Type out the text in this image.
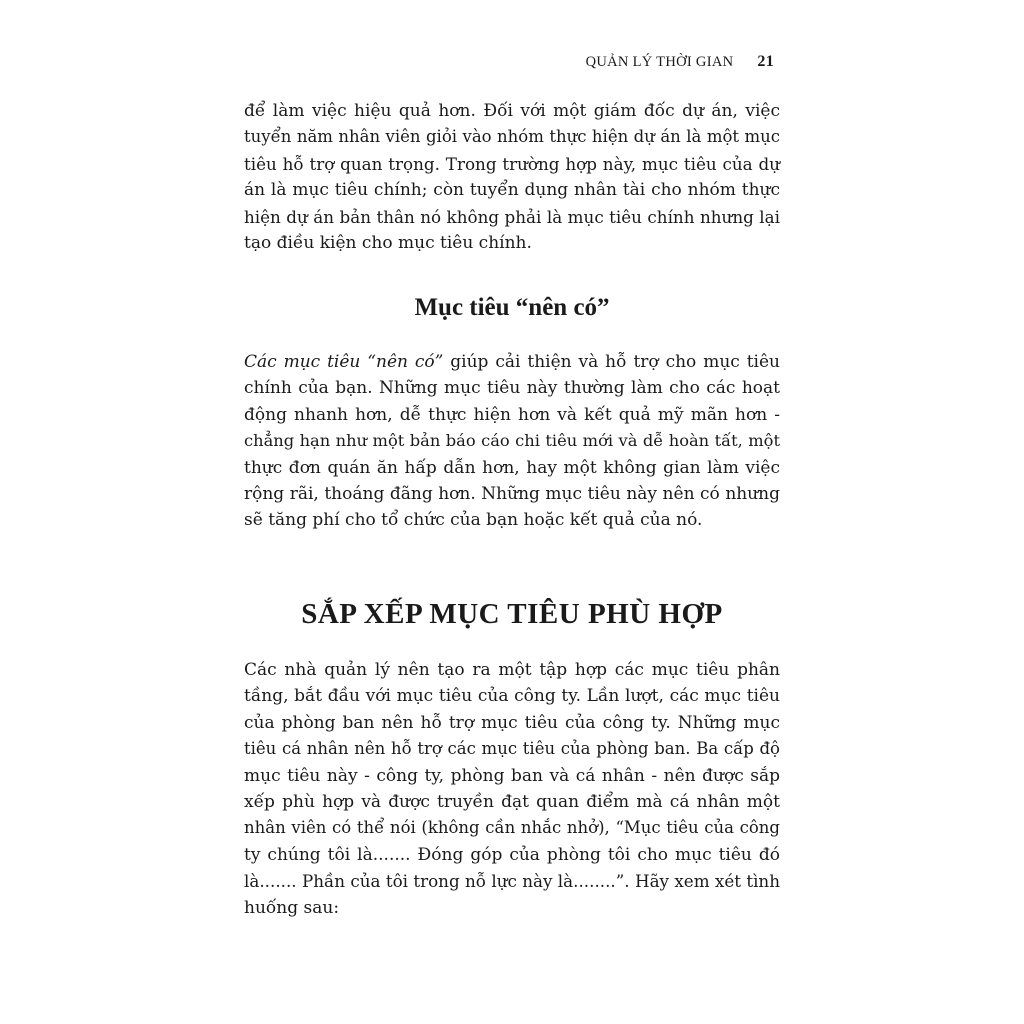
QUẢN LÝ THỜI GIAN 21
để làm việc hiệu quả hơn. Đối với một giám đốc dự án, việc
tuyển năm nhân viên giỏi vào nhóm thực hiện dự án là một mục
tiêu hỗ trợ quan trọng. Trong trường hợp này, mục tiêu của dự
án là mục tiêu chính; còn tuyển dụng nhân tài cho nhóm thực
hiện dự án bản thân nó không phải là mục tiêu chính nhưng lại
tạo điều kiện cho mục tiêu chính.
Mục tiêu “nên có”
Các mục tiêu “nên có” giúp cải thiện và hỗ trợ cho mục tiêu
chính của bạn. Những mục tiêu này thường làm cho các hoạt
động nhanh hơn, dễ thực hiện hơn và kết quả mỹ mãn hơn -
chẳng hạn như một bản báo cáo chi tiêu mới và dễ hoàn tất, một
thực đơn quán ăn hấp dẫn hơn, hay một không gian làm việc
rộng rãi, thoáng đãng hơn. Những mục tiêu này nên có nhưng
sẽ tăng phí cho tổ chức của bạn hoặc kết quả của nó.
SẮP XẾP MỤC TIÊU PHÙ HỢP
Các nhà quản lý nên tạo ra một tập hợp các mục tiêu phân
tầng, bắt đầu với mục tiêu của công ty. Lần lượt, các mục tiêu
của phòng ban nên hỗ trợ mục tiêu của công ty. Những mục
tiêu cá nhân nên hỗ trợ các mục tiêu của phòng ban. Ba cấp độ
mục tiêu này - công ty, phòng ban và cá nhân - nên được sắp
xếp phù hợp và được truyền đạt quan điểm mà cá nhân một
nhân viên có thể nói (không cần nhắc nhở), “Mục tiêu của công
ty chúng tôi là....... Đóng góp của phòng tôi cho mục tiêu đó
là....... Phần của tôi trong nỗ lực này là........”. Hãy xem xét tình
huống sau:
